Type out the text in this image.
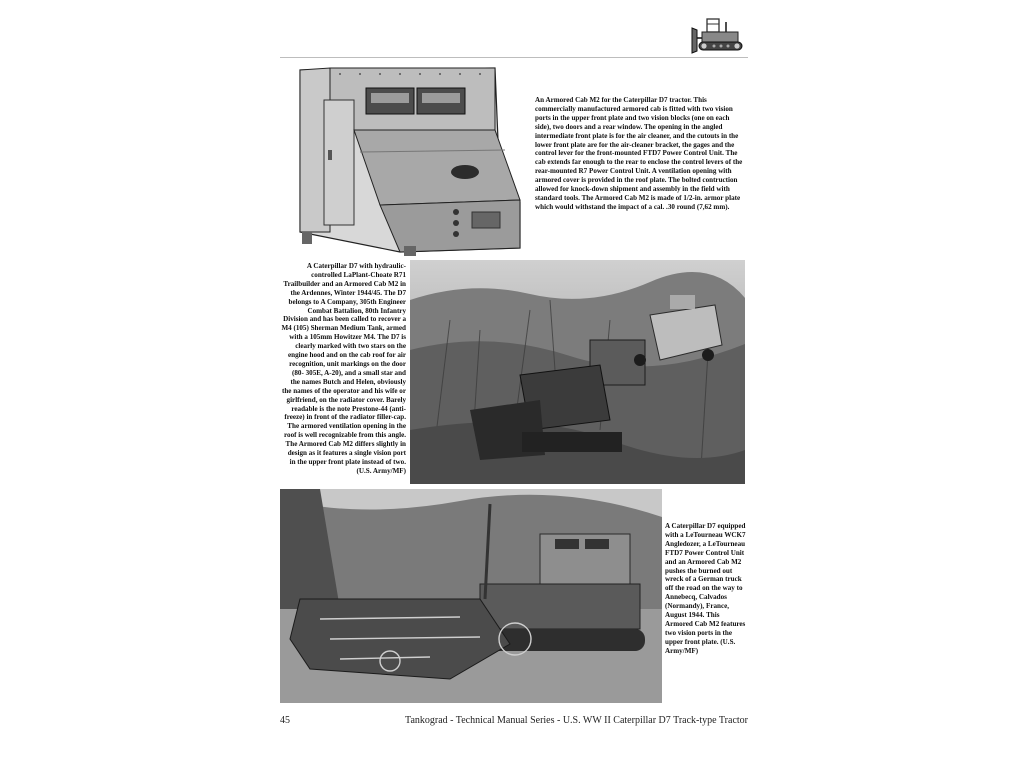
An Armored Cab M2 for the Caterpillar D7 tractor. This commercially manufactured armored cab is fitted with two vision ports in the upper front plate and two vision blocks (one on each side), two doors and a rear window. The opening in the angled intermediate front plate is for the air cleaner, and the cutouts in the lower front plate are for the air-cleaner bracket, the gages and the control lever for the front-mounted FTD7 Power Control Unit. The cab extends far enough to the rear to enclose the control levers of the rear-mounted R7 Power Control Unit. A ventilation opening with armored cover is provided in the roof plate. The bolted contruction allowed for knock-down shipment and assembly in the field with standard tools. The Armored Cab M2 is made of 1/2-in. armor plate which would withstand the impact of a cal. .30 round (7,62 mm).

A Caterpillar D7 with hydraulic-controlled LaPlant-Choate R71 Trailbuilder and an Armored Cab M2 in the Ardennes, Winter 1944/45. The D7 belongs to A Company, 305th Engineer Combat Battalion, 80th Infantry Division and has been called to recover a M4 (105) Sherman Medium Tank, armed with a 105mm Howitzer M4. The D7 is clearly marked with two stars on the engine hood and on the cab roof for air recognition, unit markings on the door (80- 305E, A-20), and a small star and the names Butch and Helen, obviously the names of the operator and his wife or girlfriend, on the radiator cover. Barely readable is the note Prestone-44 (anti-freeze) in front of the radiator filler-cap. The armored ventilation opening in the roof is well recognizable from this angle. The Armored Cab M2 differs slightly in design as it features a single vision port in the upper front plate instead of two. (U.S. Army/MF)

A Caterpillar D7 equipped with a LeTourneau WCK7 Angledozer, a LeTourneau FTD7 Power Control Unit and an Armored Cab M2 pushes the burned out wreck of a German truck off the road on the way to Annebecq, Calvados (Normandy), France, August 1944. This Armored Cab M2 features two vision ports in the upper front plate. (U.S. Army/MF)

45	Tankograd - Technical Manual Series - U.S. WW II Caterpillar D7 Track-type Tractor
